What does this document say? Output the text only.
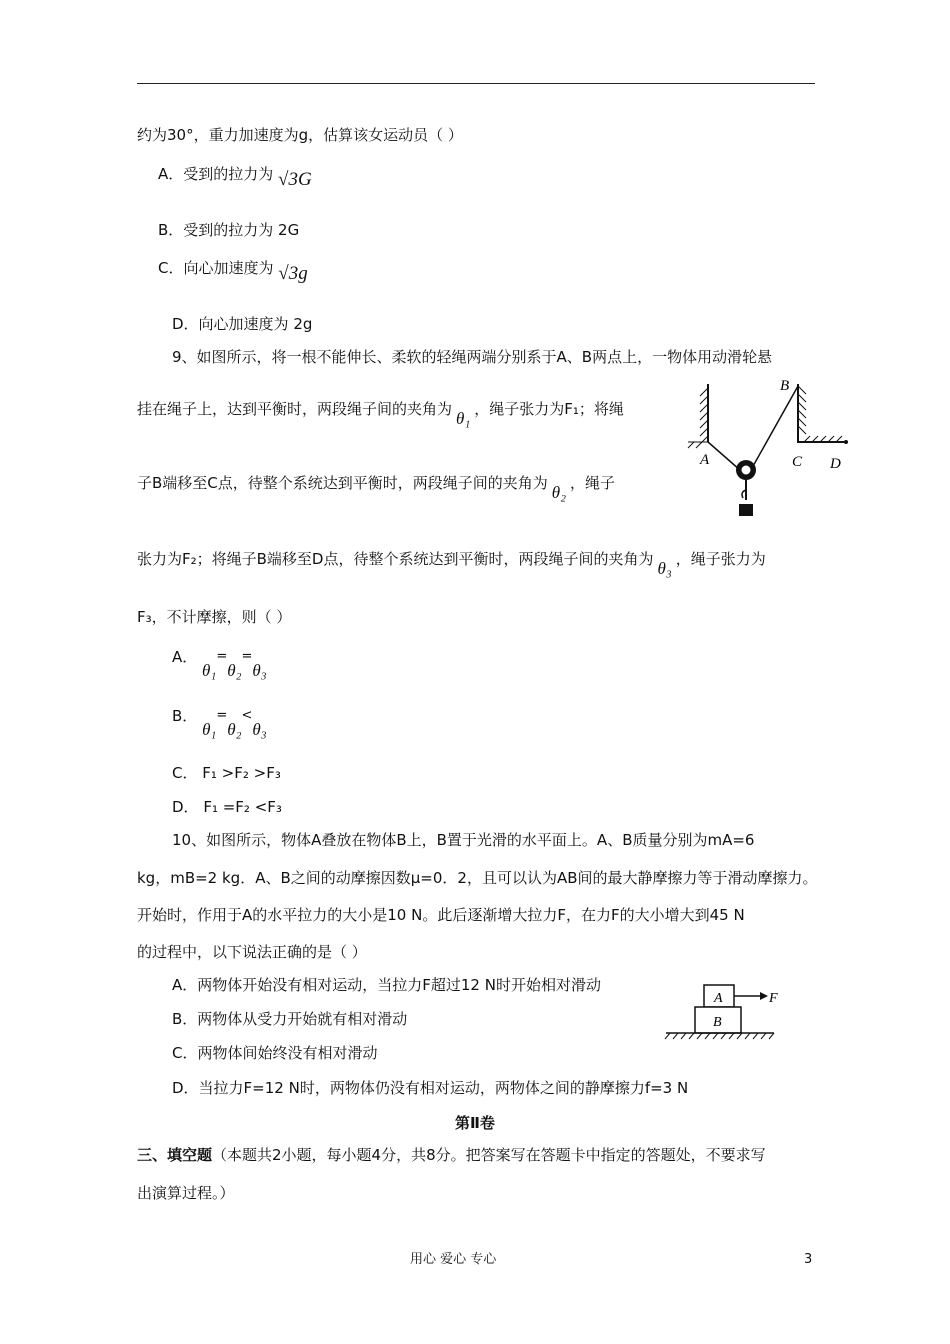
约为30°，重力加速度为g，估算该女运动员（ ）
A．受到的拉力为 √3G
B．受到的拉力为 2G
C．向心加速度为 √3g
D．向心加速度为 2g
9、如图所示，将一根不能伸长、柔软的轻绳两端分别系于A、B两点上，一物体用动滑轮悬
挂在绳子上，达到平衡时，两段绳子间的夹角为 θ₁ ，绳子张力为F₁；将绳
子B端移至C点，待整个系统达到平衡时，两段绳子间的夹角为 θ₂ ，绳子
张力为F₂；将绳子B端移至D点，待整个系统达到平衡时，两段绳子间的夹角为 θ₃ ，绳子张力为
F₃，不计摩擦，则（ ）
A． θ₁=θ₂=θ₃
B． θ₁=θ₂<θ₃
C． F₁ >F₂ >F₃
D． F₁ =F₂ <F₃
A
B
C D
10、如图所示，物体A叠放在物体B上，B置于光滑的水平面上。A、B质量分别为mA=6
kg，mB=2 kg．A、B之间的动摩擦因数μ=0．2，且可以认为AB间的最大静摩擦力等于滑动摩擦力。
开始时，作用于A的水平拉力的大小是10 N。此后逐渐增大拉力F，在力F的大小增大到45 N
的过程中，以下说法正确的是（ ）
A．两物体开始没有相对运动，当拉力F超过12 N时开始相对滑动
B．两物体从受力开始就有相对滑动
C．两物体间始终没有相对滑动
D．当拉力F=12 N时，两物体仍没有相对运动，两物体之间的静摩擦力f=3 N
A
B
F
第Ⅱ卷
三、填空题（本题共2小题，每小题4分，共8分。把答案写在答题卡中指定的答题处，不要求写
出演算过程。）
用心 爱心 专心	3
